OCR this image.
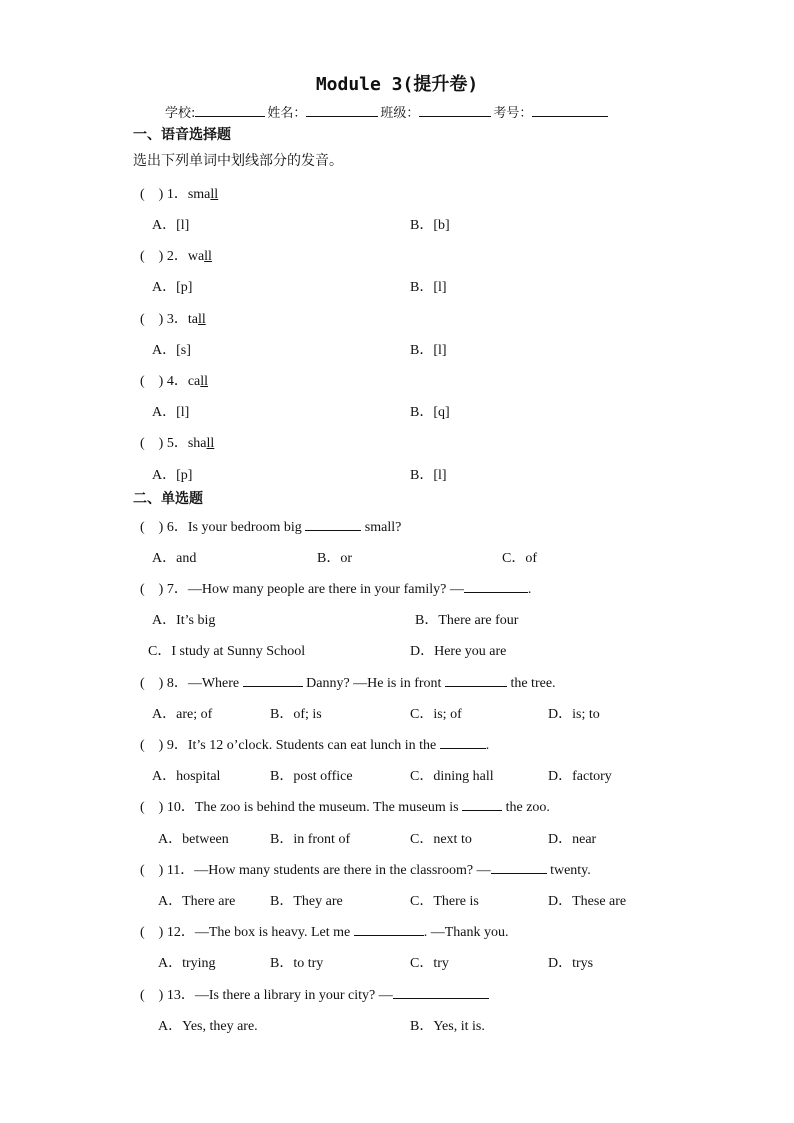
Module 3(提升卷)
学校:	姓名：	班级：	考号：
一、语音选择题
选出下列单词中划线部分的发音。
(    ) 1．small
A．[l]	B．[b]
(    ) 2．wall
A．[p]	B．[l]
(    ) 3．tall
A．[s]	B．[l]
(    ) 4．call
A．[l]	B．[q]
(    ) 5．shall
A．[p]	B．[l]
二、单选题
(    ) 6．Is your bedroom big	small?
A．and	B．or	C．of
(    ) 7．—How many people are there in your family? —	.
A．It’s big	B．There are four
C．I study at Sunny School	D．Here you are
(    ) 8．—Where	Danny? —He is in front	the tree.
A．are; of	B．of; is	C．is; of	D．is; to
(    ) 9．It’s 12 o’clock. Students can eat lunch in the	.
A．hospital	B．post office	C．dining hall	D．factory
(    ) 10．The zoo is behind the museum. The museum is	the zoo.
A．between	B．in front of	C．next to	D．near
(    ) 11．—How many students are there in the classroom? —	twenty.
A．There are B．They are	C．There is	D．These are
(    ) 12．—The box is heavy. Let me	. —Thank you.
A．trying	B．to try	C．try	D．trys
(    ) 13．—Is there a library in your city? —
A．Yes, they are.	B．Yes, it is.
